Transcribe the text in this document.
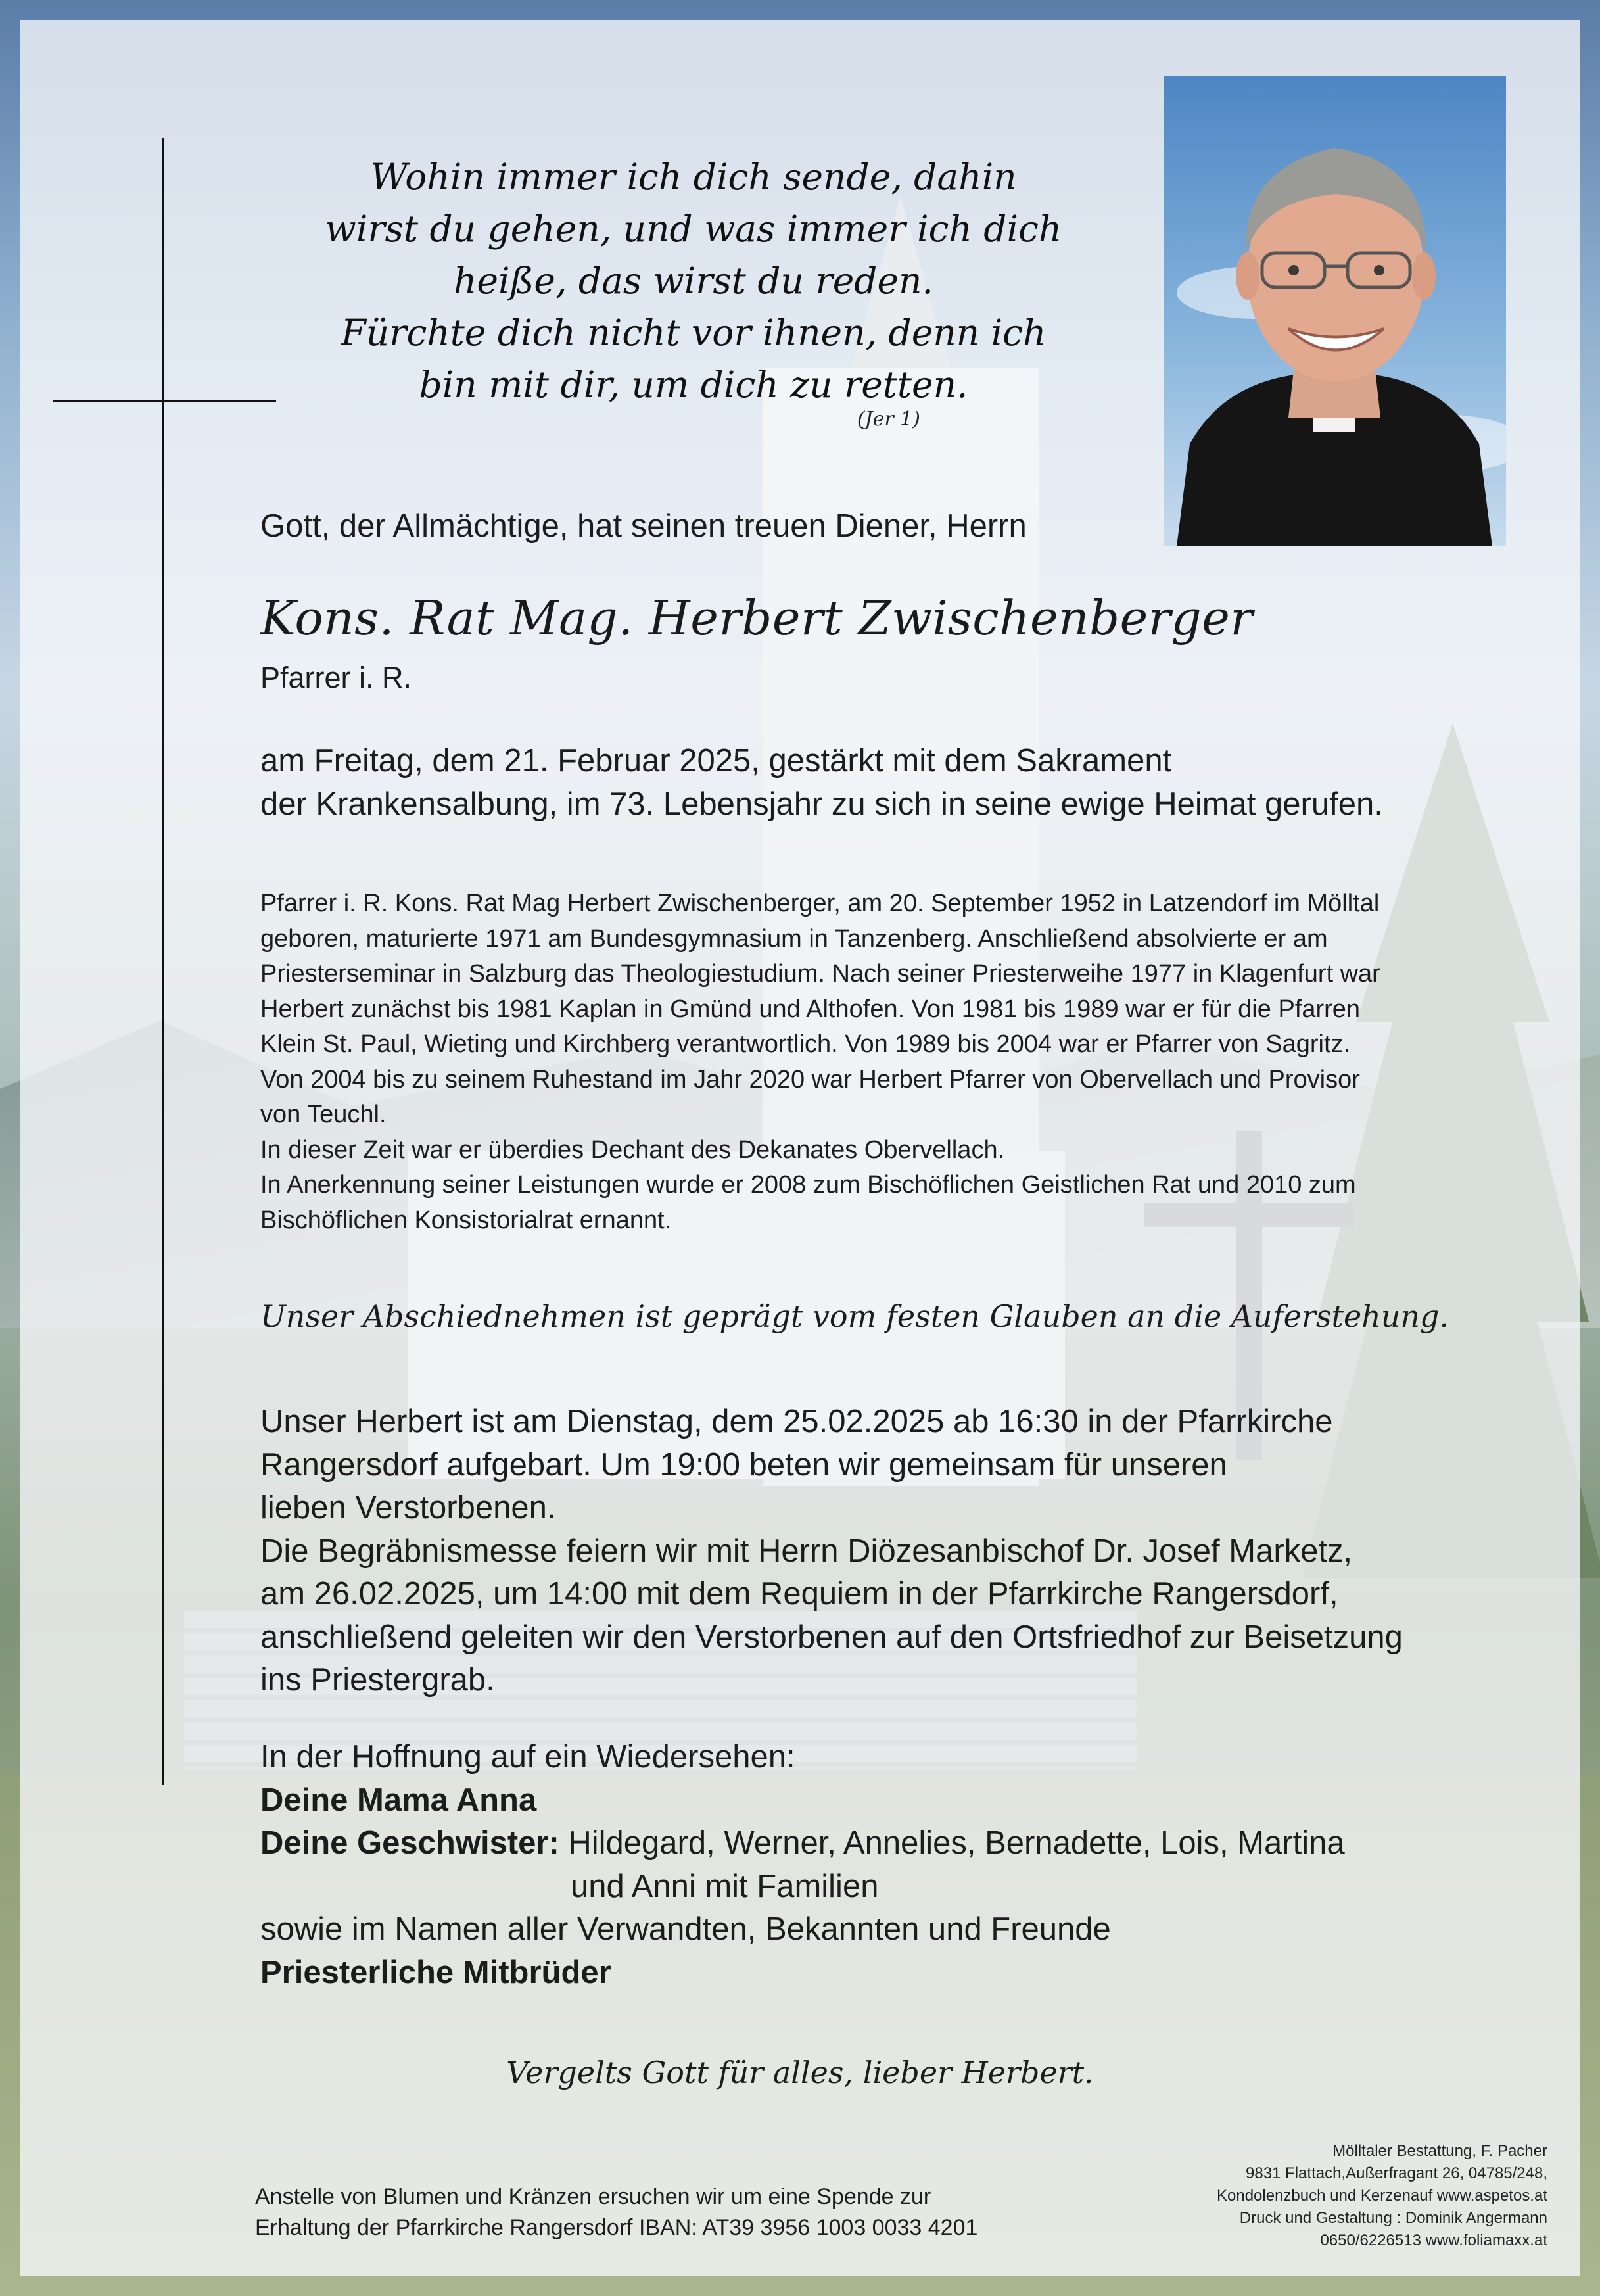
Wohin immer ich dich sende, dahin
wirst du gehen, und was immer ich dich
heiße, das wirst du reden.
Fürchte dich nicht vor ihnen, denn ich
bin mit dir, um dich zu retten.
(Jer 1)
Gott, der Allmächtige, hat seinen treuen Diener, Herrn
Kons. Rat Mag. Herbert Zwischenberger
Pfarrer i. R.
am Freitag, dem 21. Februar 2025, gestärkt mit dem Sakrament
der Krankensalbung, im 73. Lebensjahr zu sich in seine ewige Heimat gerufen.

Pfarrer i. R. Kons. Rat Mag Herbert Zwischenberger, am 20. September 1952 in Latzendorf im Mölltal

geboren, maturierte 1971 am Bundesgymnasium in Tanzenberg. Anschließend absolvierte er am

Priesterseminar in Salzburg das Theologiestudium. Nach seiner Priesterweihe 1977 in Klagenfurt war

Herbert zunächst bis 1981 Kaplan in Gmünd und Althofen. Von 1981 bis 1989 war er für die Pfarren

Klein St. Paul, Wieting und Kirchberg verantwortlich. Von 1989 bis 2004 war er Pfarrer von Sagritz.

Von 2004 bis zu seinem Ruhestand im Jahr 2020 war Herbert Pfarrer von Obervellach und Provisor

von Teuchl.

In dieser Zeit war er überdies Dechant des Dekanates Obervellach.

In Anerkennung seiner Leistungen wurde er 2008 zum Bischöflichen Geistlichen Rat und 2010 zum

Bischöflichen Konsistorialrat ernannt.

Unser Abschiednehmen ist geprägt vom festen Glauben an die Auferstehung.

Unser Herbert ist am Dienstag, dem 25.02.2025 ab 16:30 in der Pfarrkirche

Rangersdorf aufgebart. Um 19:00 beten wir gemeinsam für unseren

lieben Verstorbenen.

Die Begräbnismesse feiern wir mit Herrn Diözesanbischof Dr. Josef Marketz,

am 26.02.2025, um 14:00 mit dem Requiem in der Pfarrkirche Rangersdorf,

anschließend geleiten wir den Verstorbenen auf den Ortsfriedhof zur Beisetzung

ins Priestergrab.

In der Hoffnung auf ein Wiedersehen:

Deine Mama Anna

Deine Geschwister: Hildegard, Werner, Annelies, Bernadette, Lois, Martina

und Anni mit Familien

sowie im Namen aller Verwandten, Bekannten und Freunde

Priesterliche Mitbrüder

Vergelts Gott für alles, lieber Herbert.

Anstelle von Blumen und Kränzen ersuchen wir um eine Spende zur

Erhaltung der Pfarrkirche Rangersdorf IBAN: AT39 3956 1003 0033 4201

Mölltaler Bestattung, F. Pacher

9831 Flattach,Außerfragant 26, 04785/248,

Kondolenzbuch und Kerzenauf www.aspetos.at

Druck und Gestaltung : Dominik Angermann

0650/6226513 www.foliamaxx.at
